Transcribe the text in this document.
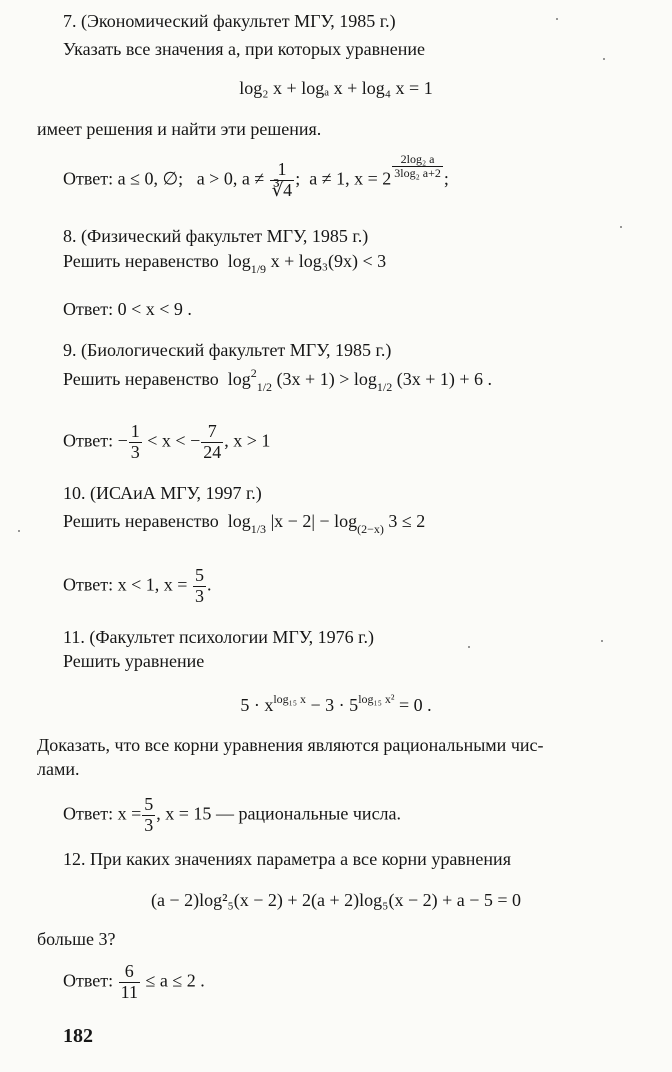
7. (Экономический факультет МГУ, 1985 г.)
Указать все значения a, при которых уравнение
log₂ x + logₐ x + log₄ x = 1
имеет решения и найти эти решения.
Ответ: a ≤ 0, ∅; a > 0, $a \ne \frac{1}{∛4}$ ; a ≠ 1, $x = 2 \frac{\text{2log₂ a}}{\text{3log₂ a+2}}$ ;
8. (Физический факультет МГУ, 1985 г.)
Решить неравенство $\log_{1/9} x + \log_3(9x) < 3$
Ответ: 0 < x < 9 .
9. (Биологический факультет МГУ, 1985 г.)
Решить неравенство $\log^2_{1/2} (3x + 1) > \log_{1/2} (3x + 1) + 6$ .
Ответ: − $\frac{1}{3} < x$ < − $\frac{7}{24}$ , x > 1
10. (ИСАиА МГУ, 1997 г.)
Решить неравенство $\log_{1/3} |x - 2| - \log_{(2-x)} 3 \le 2$
Ответ: x < 1, $x = \frac{5}{3}$ .
11. (Факультет психологии МГУ, 1976 г.)
Решить уравнение
$5 \cdot x^{log_{15} x} - 3 \cdot 5^{log_{15} x^2} = 0$ .
Доказать, что все корни уравнения являются рациональными чис-
лами.
Ответ: $x = \frac{5}{3}$ , x = 15 — рациональные числа.
12. При каких значениях параметра a все корни уравнения
(a − 2)log²₅(x − 2) + 2(a + 2)log₅(x − 2) + a − 5 = 0
больше 3?
Ответ: $\frac{6}{11} \le a \le 2$ .
182
